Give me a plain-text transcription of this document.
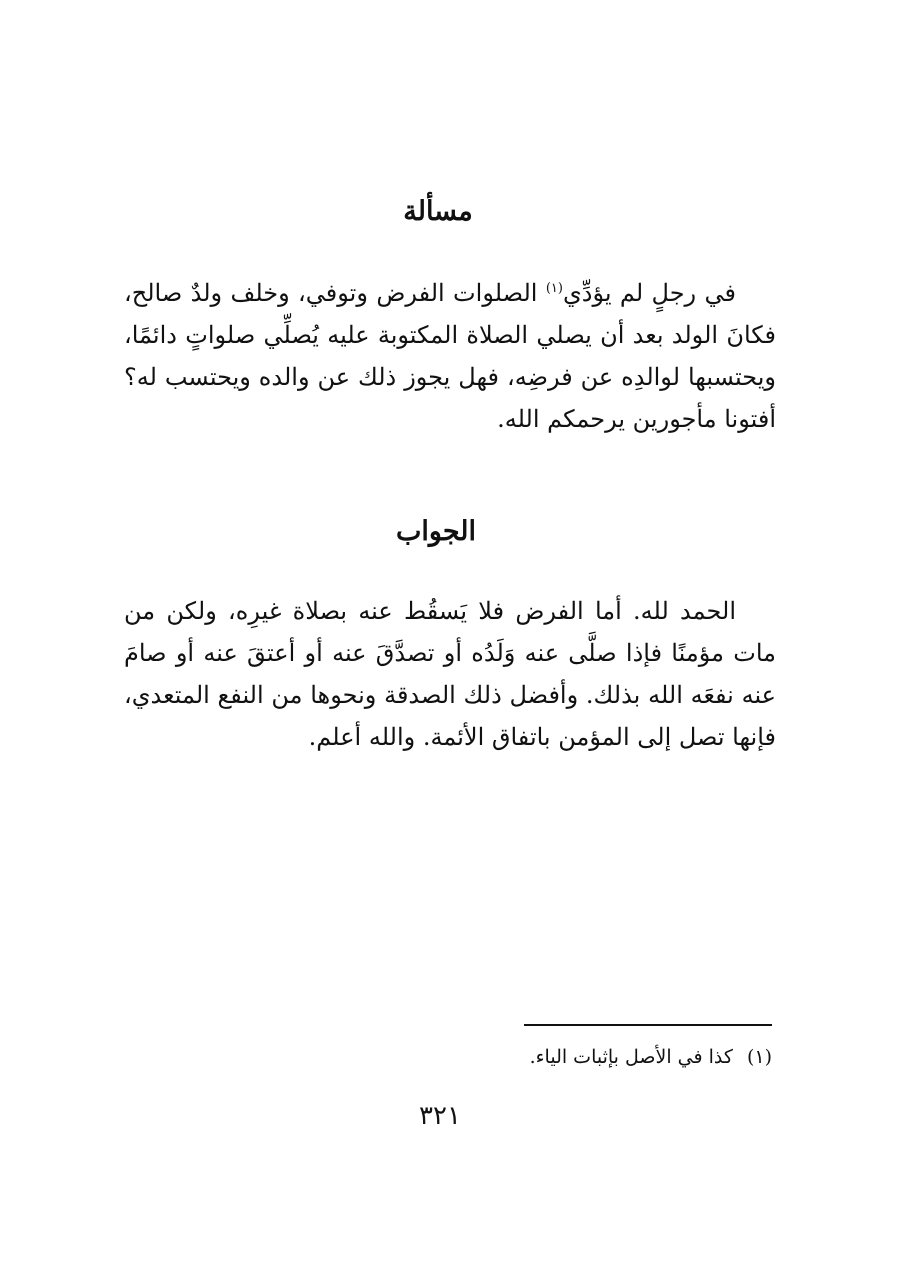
مسألة

في رجلٍ لم يؤدِّي$^{(١)}$ الصلوات الفرض وتوفي، وخلف ولدٌ صالح، فكانَ الولد بعد أن يصلي الصلاة المكتوبة عليه يُصلِّي صلواتٍ دائمًا، ويحتسبها لوالدِه عن فرضِه، فهل يجوز ذلك عن والده ويحتسب له؟ أفتونا مأجورين يرحمكم الله.

الجواب

الحمد لله. أما الفرض فلا يَسقُط عنه بصلاة غيرِه، ولكن من مات مؤمنًا فإذا صلَّى عنه وَلَدُه أو تصدَّقَ عنه أو أعتقَ عنه أو صامَ عنه نفعَه الله بذلك. وأفضل ذلك الصدقة ونحوها من النفع المتعدي، فإنها تصل إلى المؤمن باتفاق الأئمة. والله أعلم.

(١)كذا في الأصل بإثبات الياء.
٣٢١
